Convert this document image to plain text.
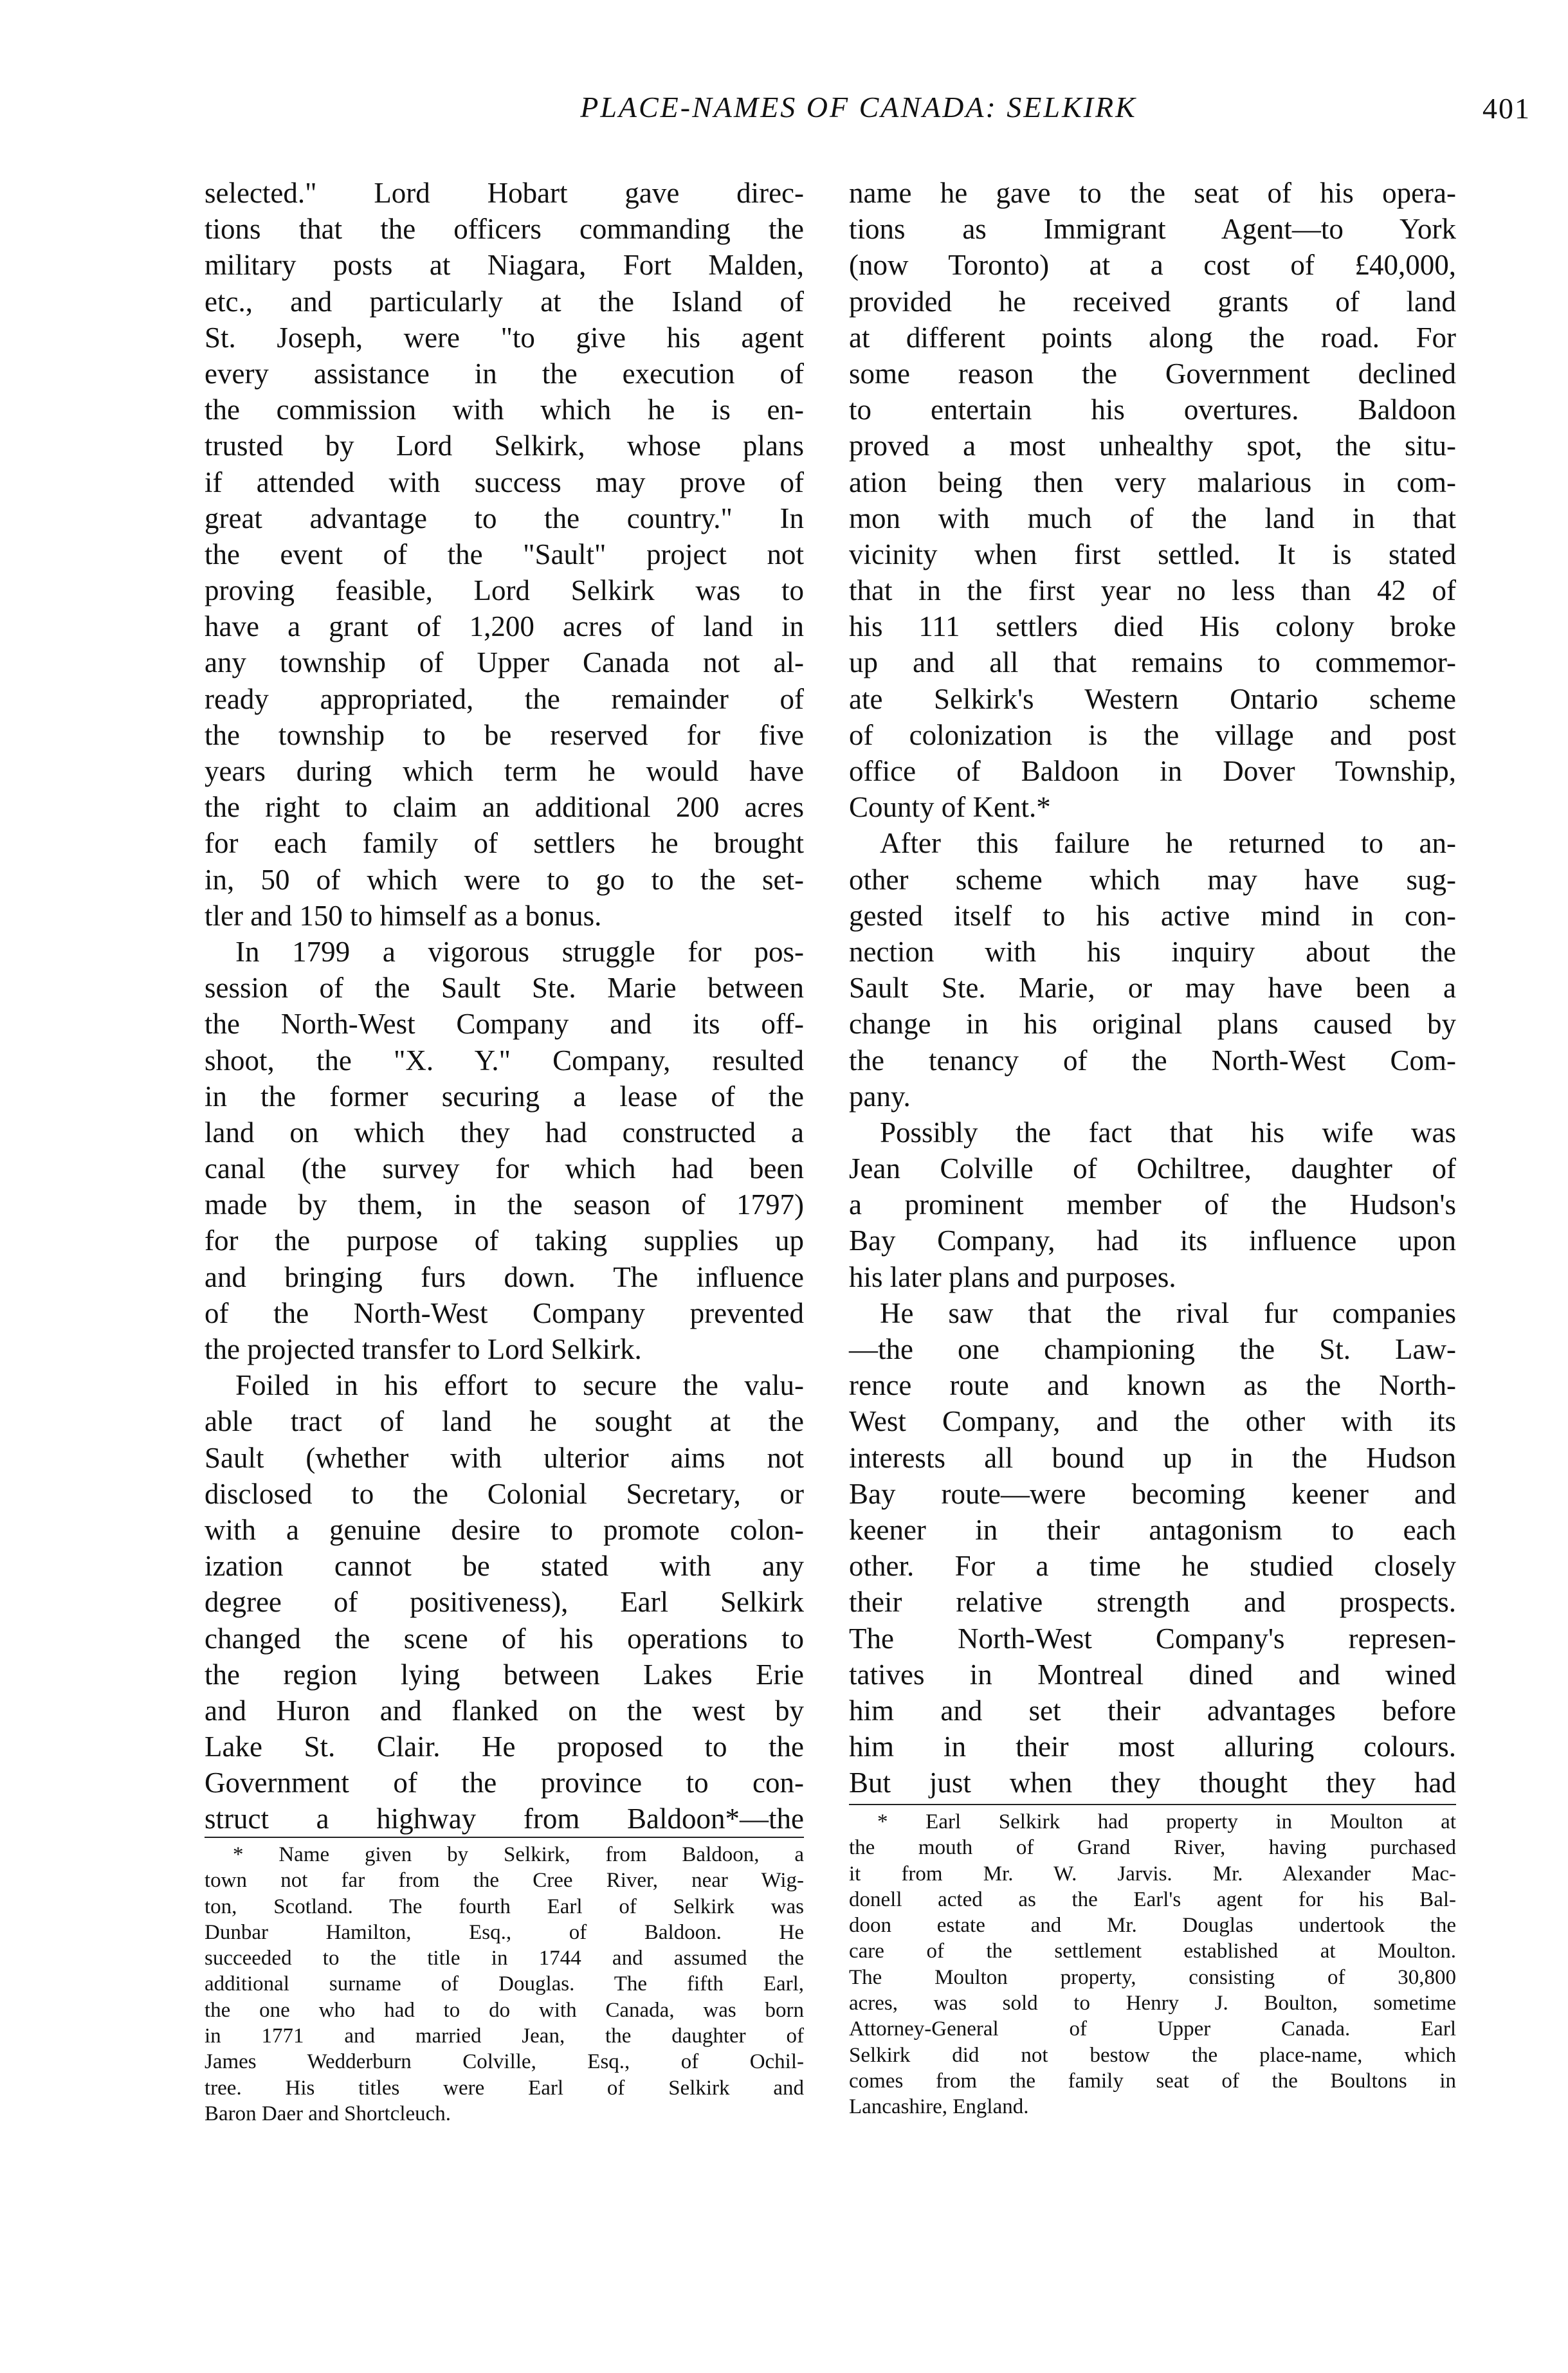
PLACE-NAMES OF CANADA: SELKIRK	401
selected." Lord Hobart gave direc-
tions that the officers commanding the
military posts at Niagara, Fort Malden,
etc., and particularly at the Island of
St. Joseph, were "to give his agent
every assistance in the execution of
the commission with which he is en-
trusted by Lord Selkirk, whose plans
if attended with success may prove of
great advantage to the country." In
the event of the "Sault" project not
proving feasible, Lord Selkirk was to
have a grant of 1,200 acres of land in
any township of Upper Canada not al-
ready appropriated, the remainder of
the township to be reserved for five
years during which term he would have
the right to claim an additional 200 acres
for each family of settlers he brought
in, 50 of which were to go to the set-
tler and 150 to himself as a bonus.
In 1799 a vigorous struggle for pos-
session of the Sault Ste. Marie between
the North-West Company and its off-
shoot, the "X. Y." Company, resulted
in the former securing a lease of the
land on which they had constructed a
canal (the survey for which had been
made by them, in the season of 1797)
for the purpose of taking supplies up
and bringing furs down. The influence
of the North-West Company prevented
the projected transfer to Lord Selkirk.
Foiled in his effort to secure the valu-
able tract of land he sought at the
Sault (whether with ulterior aims not
disclosed to the Colonial Secretary, or
with a genuine desire to promote colon-
ization cannot be stated with any
degree of positiveness), Earl Selkirk
changed the scene of his operations to
the region lying between Lakes Erie
and Huron and flanked on the west by
Lake St. Clair. He proposed to the
Government of the province to con-
struct a highway from Baldoon*—the
name he gave to the seat of his opera-
tions as Immigrant Agent—to York
(now Toronto) at a cost of £40,000,
provided he received grants of land
at different points along the road. For
some reason the Government declined
to entertain his overtures. Baldoon
proved a most unhealthy spot, the situ-
ation being then very malarious in com-
mon with much of the land in that
vicinity when first settled. It is stated
that in the first year no less than 42 of
his 111 settlers died His colony broke
up and all that remains to commemor-
ate Selkirk's Western Ontario scheme
of colonization is the village and post
office of Baldoon in Dover Township,
County of Kent.*
After this failure he returned to an-
other scheme which may have sug-
gested itself to his active mind in con-
nection with his inquiry about the
Sault Ste. Marie, or may have been a
change in his original plans caused by
the tenancy of the North-West Com-
pany.
Possibly the fact that his wife was
Jean Colville of Ochiltree, daughter of
a prominent member of the Hudson's
Bay Company, had its influence upon
his later plans and purposes.
He saw that the rival fur companies
—the one championing the St. Law-
rence route and known as the North-
West Company, and the other with its
interests all bound up in the Hudson
Bay route—were becoming keener and
keener in their antagonism to each
other. For a time he studied closely
their relative strength and prospects.
The North-West Company's represen-
tatives in Montreal dined and wined
him and set their advantages before
him in their most alluring colours.
But just when they thought they had
* Name given by Selkirk, from Baldoon, a
town not far from the Cree River, near Wig-
ton, Scotland. The fourth Earl of Selkirk was
Dunbar Hamilton, Esq., of Baldoon. He
succeeded to the title in 1744 and assumed the
additional surname of Douglas. The fifth Earl,
the one who had to do with Canada, was born
in 1771 and married Jean, the daughter of
James Wedderburn Colville, Esq., of Ochil-
tree. His titles were Earl of Selkirk and
Baron Daer and Shortcleuch.
* Earl Selkirk had property in Moulton at
the mouth of Grand River, having purchased
it from Mr. W. Jarvis. Mr. Alexander Mac-
donell acted as the Earl's agent for his Bal-
doon estate and Mr. Douglas undertook the
care of the settlement established at Moulton.
The Moulton property, consisting of 30,800
acres, was sold to Henry J. Boulton, sometime
Attorney-General of Upper Canada. Earl
Selkirk did not bestow the place-name, which
comes from the family seat of the Boultons in
Lancashire, England.
